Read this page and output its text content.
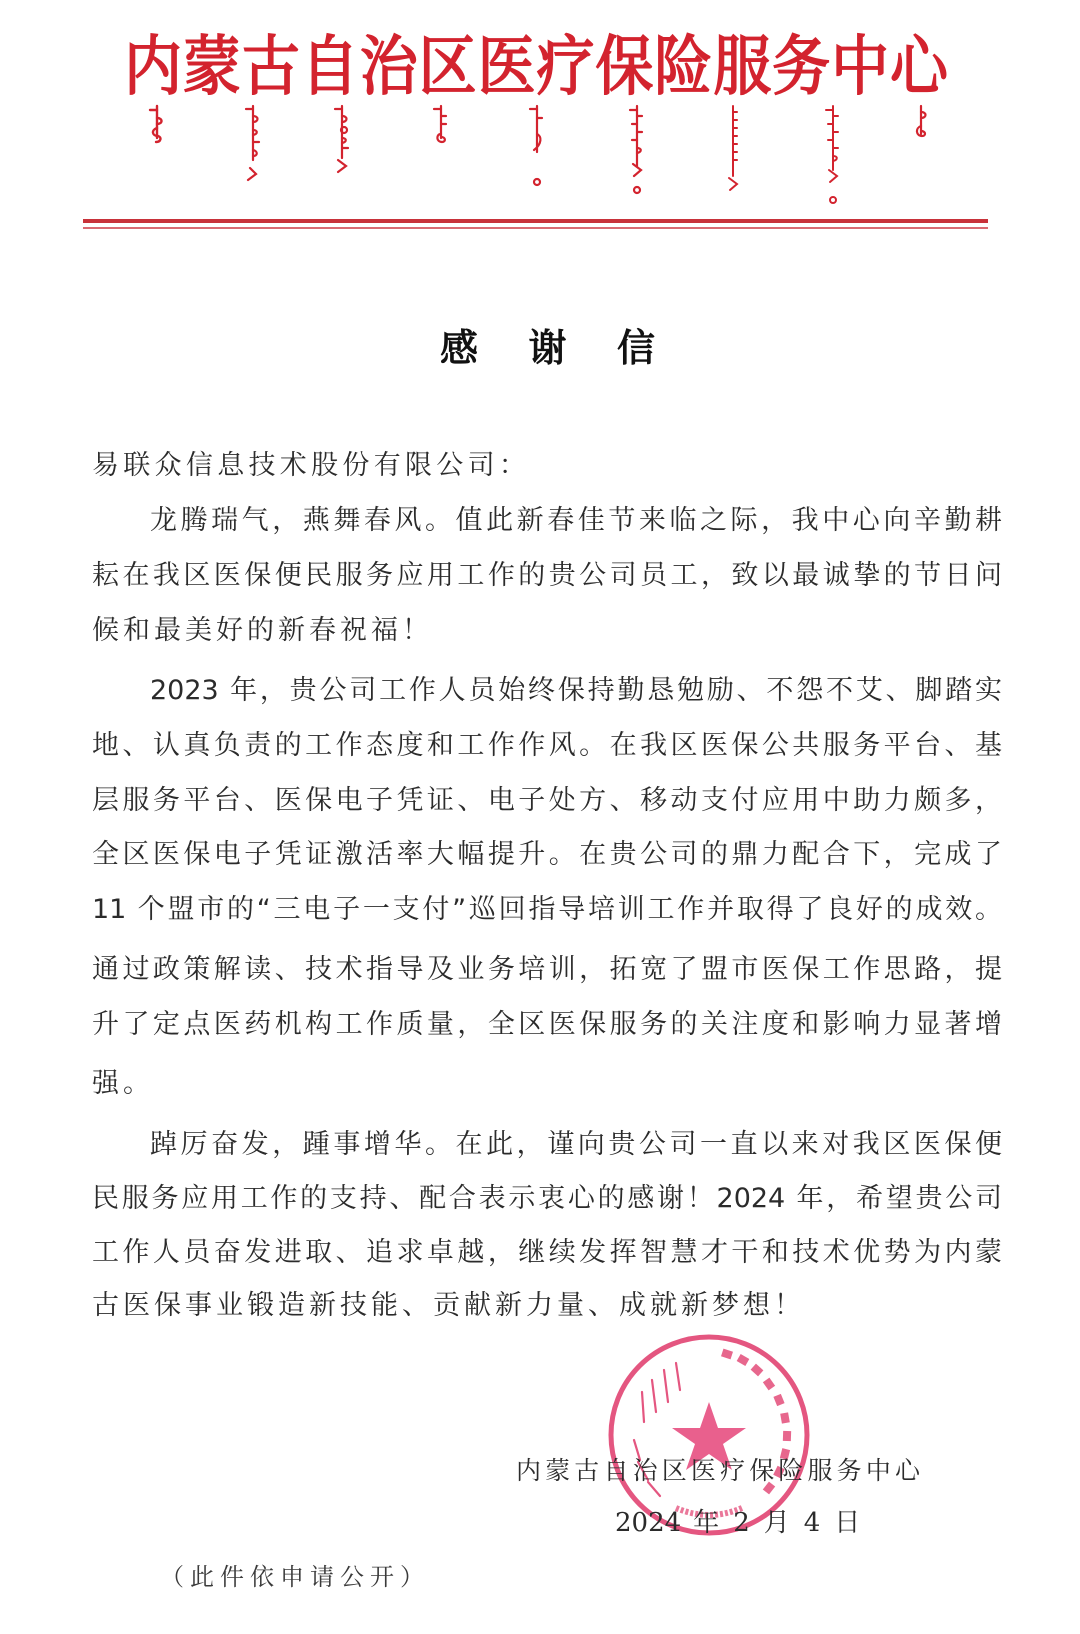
内蒙古自治区医疗保险服务中心
感 谢 信
易联众信息技术股份有限公司：
龙腾瑞气，燕舞春风。值此新春佳节来临之际，我中心向辛勤耕
耘在我区医保便民服务应用工作的贵公司员工，致以最诚挚的节日问
候和最美好的新春祝福！
2023 年，贵公司工作人员始终保持勤恳勉励、不怨不艾、脚踏实
地、认真负责的工作态度和工作作风。在我区医保公共服务平台、基
层服务平台、医保电子凭证、电子处方、移动支付应用中助力颇多，
全区医保电子凭证激活率大幅提升。在贵公司的鼎力配合下，完成了
11 个盟市的“三电子一支付”巡回指导培训工作并取得了良好的成效。
通过政策解读、技术指导及业务培训，拓宽了盟市医保工作思路，提
升了定点医药机构工作质量，全区医保服务的关注度和影响力显著增
强。
踔厉奋发，踵事增华。在此，谨向贵公司一直以来对我区医保便
民服务应用工作的支持、配合表示衷心的感谢！2024 年，希望贵公司
工作人员奋发进取、追求卓越，继续发挥智慧才干和技术优势为内蒙
古医保事业锻造新技能、贡献新力量、成就新梦想！
内蒙古自治区医疗保险服务中心
2024 年 2 月 4 日
（此件依申请公开）
